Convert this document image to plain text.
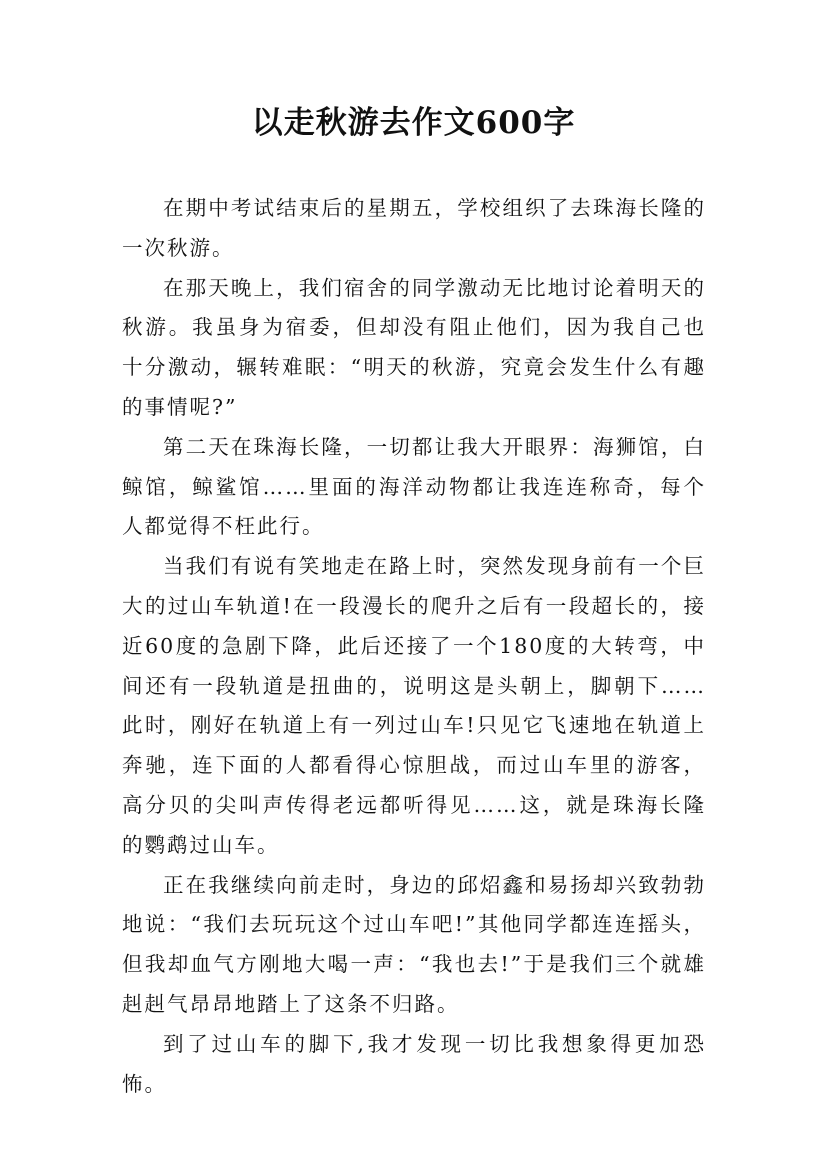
以走秋游去作文600字

在期中考试结束后的星期五，学校组织了去珠海长隆的一次秋游。

在那天晚上，我们宿舍的同学激动无比地讨论着明天的秋游。我虽身为宿委，但却没有阻止他们，因为我自己也十分激动，辗转难眠：“明天的秋游，究竟会发生什么有趣的事情呢?”

第二天在珠海长隆，一切都让我大开眼界：海狮馆，白鲸馆，鲸鲨馆……里面的海洋动物都让我连连称奇，每个人都觉得不枉此行。

当我们有说有笑地走在路上时，突然发现身前有一个巨大的过山车轨道!在一段漫长的爬升之后有一段超长的，接近60度的急剧下降，此后还接了一个180度的大转弯，中间还有一段轨道是扭曲的，说明这是头朝上，脚朝下……此时，刚好在轨道上有一列过山车!只见它飞速地在轨道上奔驰，连下面的人都看得心惊胆战，而过山车里的游客，高分贝的尖叫声传得老远都听得见……这，就是珠海长隆的鹦鹉过山车。

正在我继续向前走时，身边的邱炤鑫和易扬却兴致勃勃地说：“我们去玩玩这个过山车吧!”其他同学都连连摇头，但我却血气方刚地大喝一声：“我也去!”于是我们三个就雄赳赳气昂昂地踏上了这条不归路。

到了过山车的脚下,我才发现一切比我想象得更加恐怖。
